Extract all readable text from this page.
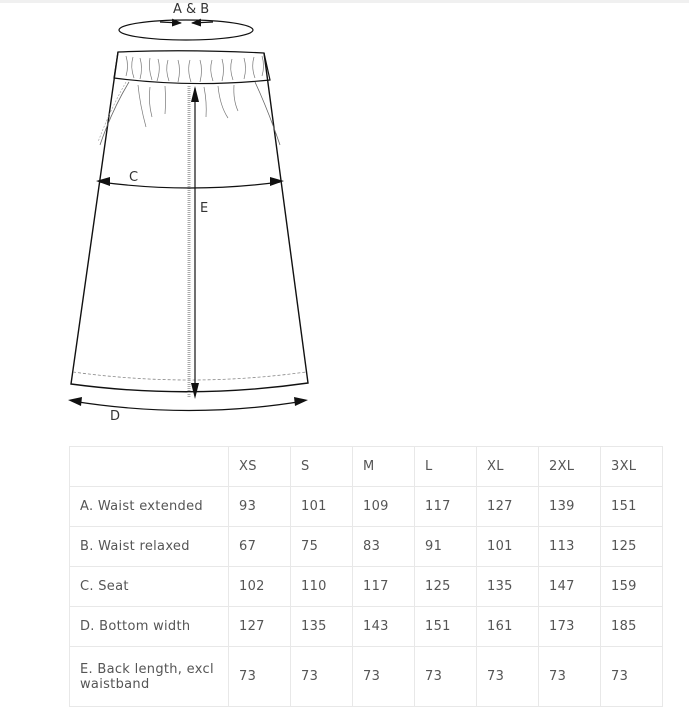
A & B
C
E
D
	XS	S	M	L	XL	2XL	3XL
A. Waist extended	93	101	109	117	127	139	151
B. Waist relaxed	67	75	83	91	101	113	125
C. Seat	102	110	117	125	135	147	159
D. Bottom width	127	135	143	151	161	173	185
E. Back length, excl waistband	73	73	73	73	73	73	73
